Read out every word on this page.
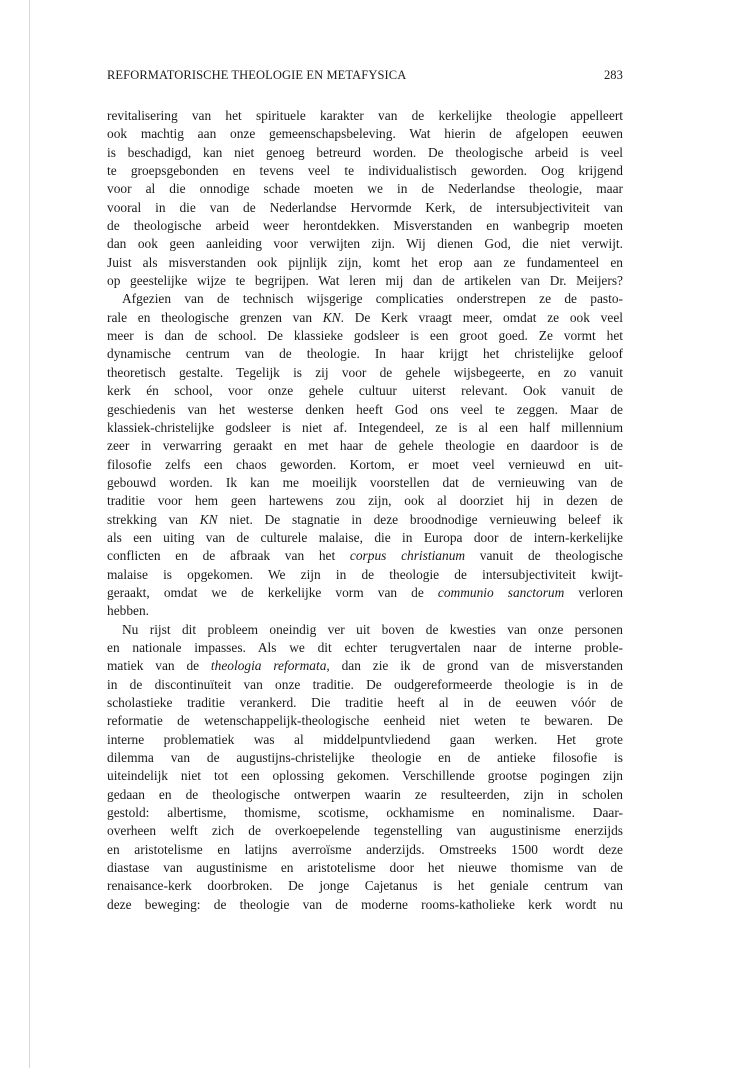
REFORMATORISCHE THEOLOGIE EN METAFYSICA	283
revitalisering van het spirituele karakter van de kerkelijke theologie appelleert
ook machtig aan onze gemeenschapsbeleving. Wat hierin de afgelopen eeuwen
is beschadigd, kan niet genoeg betreurd worden. De theologische arbeid is veel
te groepsgebonden en tevens veel te individualistisch geworden. Oog krijgend
voor al die onnodige schade moeten we in de Nederlandse theologie, maar
vooral in die van de Nederlandse Hervormde Kerk, de intersubjectiviteit van
de theologische arbeid weer herontdekken. Misverstanden en wanbegrip moeten
dan ook geen aanleiding voor verwijten zijn. Wij dienen God, die niet verwijt.
Juist als misverstanden ook pijnlijk zijn, komt het erop aan ze fundamenteel en
op geestelijke wijze te begrijpen. Wat leren mij dan de artikelen van Dr. Meijers?
Afgezien van de technisch wijsgerige complicaties onderstrepen ze de pasto-
rale en theologische grenzen van KN. De Kerk vraagt meer, omdat ze ook veel
meer is dan de school. De klassieke godsleer is een groot goed. Ze vormt het
dynamische centrum van de theologie. In haar krijgt het christelijke geloof
theoretisch gestalte. Tegelijk is zij voor de gehele wijsbegeerte, en zo vanuit
kerk én school, voor onze gehele cultuur uiterst relevant. Ook vanuit de
geschiedenis van het westerse denken heeft God ons veel te zeggen. Maar de
klassiek-christelijke godsleer is niet af. Integendeel, ze is al een half millennium
zeer in verwarring geraakt en met haar de gehele theologie en daardoor is de
filosofie zelfs een chaos geworden. Kortom, er moet veel vernieuwd en uit-
gebouwd worden. Ik kan me moeilijk voorstellen dat de vernieuwing van de
traditie voor hem geen hartewens zou zijn, ook al doorziet hij in dezen de
strekking van KN niet. De stagnatie in deze broodnodige vernieuwing beleef ik
als een uiting van de culturele malaise, die in Europa door de intern-kerkelijke
conflicten en de afbraak van het corpus christianum vanuit de theologische
malaise is opgekomen. We zijn in de theologie de intersubjectiviteit kwijt-
geraakt, omdat we de kerkelijke vorm van de communio sanctorum verloren
hebben.
Nu rijst dit probleem oneindig ver uit boven de kwesties van onze personen
en nationale impasses. Als we dit echter terugvertalen naar de interne proble-
matiek van de theologia reformata, dan zie ik de grond van de misverstanden
in de discontinuïteit van onze traditie. De oudgereformeerde theologie is in de
scholastieke traditie verankerd. Die traditie heeft al in de eeuwen vóór de
reformatie de wetenschappelijk-theologische eenheid niet weten te bewaren. De
interne problematiek was al middelpuntvliedend gaan werken. Het grote
dilemma van de augustijns-christelijke theologie en de antieke filosofie is
uiteindelijk niet tot een oplossing gekomen. Verschillende grootse pogingen zijn
gedaan en de theologische ontwerpen waarin ze resulteerden, zijn in scholen
gestold: albertisme, thomisme, scotisme, ockhamisme en nominalisme. Daar-
overheen welft zich de overkoepelende tegenstelling van augustinisme enerzijds
en aristotelisme en latijns averroïsme anderzijds. Omstreeks 1500 wordt deze
diastase van augustinisme en aristotelisme door het nieuwe thomisme van de
renaisance-kerk doorbroken. De jonge Cajetanus is het geniale centrum van
deze beweging: de theologie van de moderne rooms-katholieke kerk wordt nu
